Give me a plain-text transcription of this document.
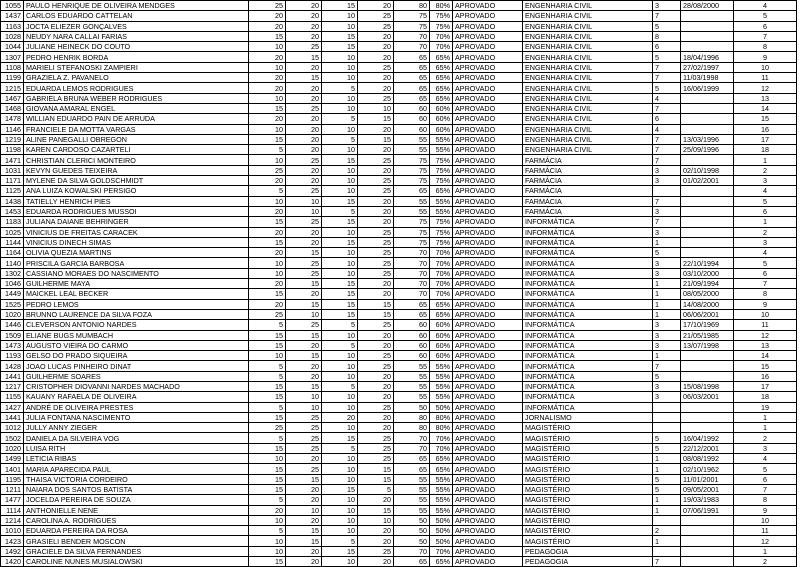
1055	PAULO HENRIQUE DE OLIVEIRA MENDGES	25	20	15	20	80	80%	APROVADO	ENGENHARIA CIVIL	3	28/08/2000	4
1437	CARLOS EDUARDO CATTELAN	20	20	10	25	75	75%	APROVADO	ENGENHARIA CIVIL	7		5
1163	JOCTA ELIEZER GONÇALVES	20	20	10	25	75	75%	APROVADO	ENGENHARIA CIVIL	5		6
1028	NEUDY NARA CALLAI FARIAS	15	20	15	20	70	70%	APROVADO	ENGENHARIA CIVIL	8		7
1044	JULIANE HEINECK DO COUTO	10	25	15	20	70	70%	APROVADO	ENGENHARIA CIVIL	6		8
1307	PEDRO HENRIK BORDA	20	15	10	20	65	65%	APROVADO	ENGENHARIA CIVIL	5	18/04/1996	9
1108	MARIELI STEFANOSKI ZAMPIERI	10	20	10	25	65	65%	APROVADO	ENGENHARIA CIVIL	7	27/02/1997	10
1199	GRAZIELA Z. PAVANELO	20	15	10	20	65	65%	APROVADO	ENGENHARIA CIVIL	7	11/03/1998	11
1215	EDUARDA LEMOS RODRIGUES	20	20	5	20	65	65%	APROVADO	ENGENHARIA CIVIL	5	16/06/1999	12
1467	GABRIELA BRUNA WEBER RODRIGUES	10	20	10	25	65	65%	APROVADO	ENGENHARIA CIVIL	4		13
1468	GIOVANA AMARAL ENGEL	15	25	10	10	60	60%	APROVADO	ENGENHARIA CIVIL	7		14
1478	WILLIAN EDUARDO PAIN DE ARRUDA	20	20	5	15	60	60%	APROVADO	ENGENHARIA CIVIL	6		15
1146	FRANCIELE DA MOTTA VARGAS	10	20	10	20	60	60%	APROVADO	ENGENHARIA CIVIL	4		16
1219	ALINE PANEGALLI OBREGON	15	20	5	15	55	55%	APROVADO	ENGENHARIA CIVIL	7	13/03/1996	17
1198	KAREN CARDOSO CAZARTELI	5	20	10	20	55	55%	APROVADO	ENGENHARIA CIVIL	7	25/09/1996	18
1471	CHRISTIAN CLERICI MONTEIRO	10	25	15	25	75	75%	APROVADO	FARMÁCIA	7		1
1031	KEVYN GUEDES TEIXEIRA	25	20	10	20	75	75%	APROVADO	FARMÁCIA	3	02/10/1998	2
1171	MYLENE DA SILVA GOLDSCHMIDT	20	20	10	25	75	75%	APROVADO	FARMÁCIA	3	01/02/2001	3
1125	ANA LUIZA KOWALSKI PERSIGO	5	25	10	25	65	65%	APROVADO	FARMÁCIA			4
1438	TATIELLY HENRICH PIES	10	10	15	20	55	55%	APROVADO	FARMÁCIA	7		5
1453	EDUARDA RODRIGUES MUSSOI	20	10	5	20	55	55%	APROVADO	FARMÁCIA	3		6
1183	JULIANA DAIANE BEHRINGER	15	25	15	20	75	75%	APROVADO	INFORMÁTICA	7		1
1025	VINICIUS DE FREITAS CARACEK	20	20	10	25	75	75%	APROVADO	INFORMÁTICA	3		2
1144	VINICIUS DINECH SIMAS	15	20	15	25	75	75%	APROVADO	INFORMÁTICA	1		3
1164	OLIVIA QUEZIA MARTINS	20	15	10	25	70	70%	APROVADO	INFORMÁTICA	5		4
1140	PRISCILA GARCIA BARBOSA	10	25	10	25	70	70%	APROVADO	INFORMÁTICA	3	22/10/1994	5
1302	CASSIANO MORAES DO NASCIMENTO	10	25	10	25	70	70%	APROVADO	INFORMÁTICA	3	03/10/2000	6
1046	GUILHERME MAYA	20	15	15	20	70	70%	APROVADO	INFORMÁTICA	1	21/09/1994	7
1449	MAICKEL LEAL BECKER	15	20	15	20	70	70%	APROVADO	INFORMÁTICA	1	08/05/2000	8
1525	PEDRO LEMOS	20	15	15	15	65	65%	APROVADO	INFORMÁTICA	1	14/08/2000	9
1020	BRUNNO LAURENCE DA SILVA FOZA	25	10	15	15	65	65%	APROVADO	INFORMÁTICA	1	06/06/2001	10
1446	CLEVERSON ANTONIO NARDES	5	25	5	25	60	60%	APROVADO	INFORMÁTICA	3	17/10/1969	11
1509	ELIANE BUGS MUMBACH	15	15	10	20	60	60%	APROVADO	INFORMÁTICA	3	21/05/1985	12
1473	AUGUSTO VIEIRA DO CARMO	15	20	5	20	60	60%	APROVADO	INFORMÁTICA	3	13/07/1998	13
1193	GELSO DO PRADO SIQUEIRA	10	15	10	25	60	60%	APROVADO	INFORMÁTICA	1		14
1428	JOAO LUCAS PINHEIRO DINAT	5	20	10	25	55	55%	APROVADO	INFORMÁTICA	7		15
1441	GUILHERME SOARES	5	20	10	20	55	55%	APROVADO	INFORMÁTICA	5		16
1217	CRISTOPHER DIOVANNI NARDES MACHADO	15	15	5	20	55	55%	APROVADO	INFORMÁTICA	3	15/08/1998	17
1155	KAUANY RAFAELA DE OLIVEIRA	15	10	10	20	55	55%	APROVADO	INFORMÁTICA	3	06/03/2001	18
1427	ANDRÉ DE OLIVEIRA PRESTES	5	10	10	25	50	50%	APROVADO	INFORMÁTICA			19
1441	JULIA FONTANA NASCIMENTO	15	25	20	20	80	80%	APROVADO	JORNALISMO			1
1012	JULLY ANNY ZIEGER	25	25	10	20	80	80%	APROVADO	MAGISTÉRIO			1
1502	DANIELA DA SILVEIRA VOG	5	25	15	25	70	70%	APROVADO	MAGISTÉRIO	5	16/04/1992	2
1020	LUISA RITH	15	25	5	25	70	70%	APROVADO	MAGISTÉRIO	5	22/12/2001	3
1499	LETICIA RIBAS	10	20	10	25	65	65%	APROVADO	MAGISTÉRIO	1	08/08/1992	4
1401	MARIA APARECIDA PAUL	15	25	10	15	65	65%	APROVADO	MAGISTÉRIO	1	02/10/1962	5
1195	THAISA VICTORIA CORDEIRO	15	15	10	15	55	55%	APROVADO	MAGISTÉRIO	5	11/01/2001	6
1211	NAIARA DOS SANTOS BATISTA	15	20	15	5	55	55%	APROVADO	MAGISTÉRIO	5	09/05/2001	7
1477	JOCELDA PEREIRA DE SOUZA	5	20	10	20	55	55%	APROVADO	MAGISTÉRIO	1	19/03/1983	8
1114	ANTHONIELLE NENE	20	10	10	15	55	55%	APROVADO	MAGISTÉRIO	1	07/06/1991	9
1214	CAROLINA A. RODRIGUES	10	20	10	10	50	50%	APROVADO	MAGISTÉRIO			10
1010	EDUARDA PEREIRA DA ROSA	5	15	10	20	50	50%	APROVADO	MAGISTÉRIO	2		11
1423	GRASIELI BENDER MOSCON	10	15	5	20	50	50%	APROVADO	MAGISTÉRIO	1		12
1492	GRACIELE DA SILVA FERNANDES	10	20	15	25	70	70%	APROVADO	PEDAGOGIA			1
1420	CAROLINE NUNES MUSIALOWSKI	15	20	10	20	65	65%	APROVADO	PEDAGOGIA	7		2
